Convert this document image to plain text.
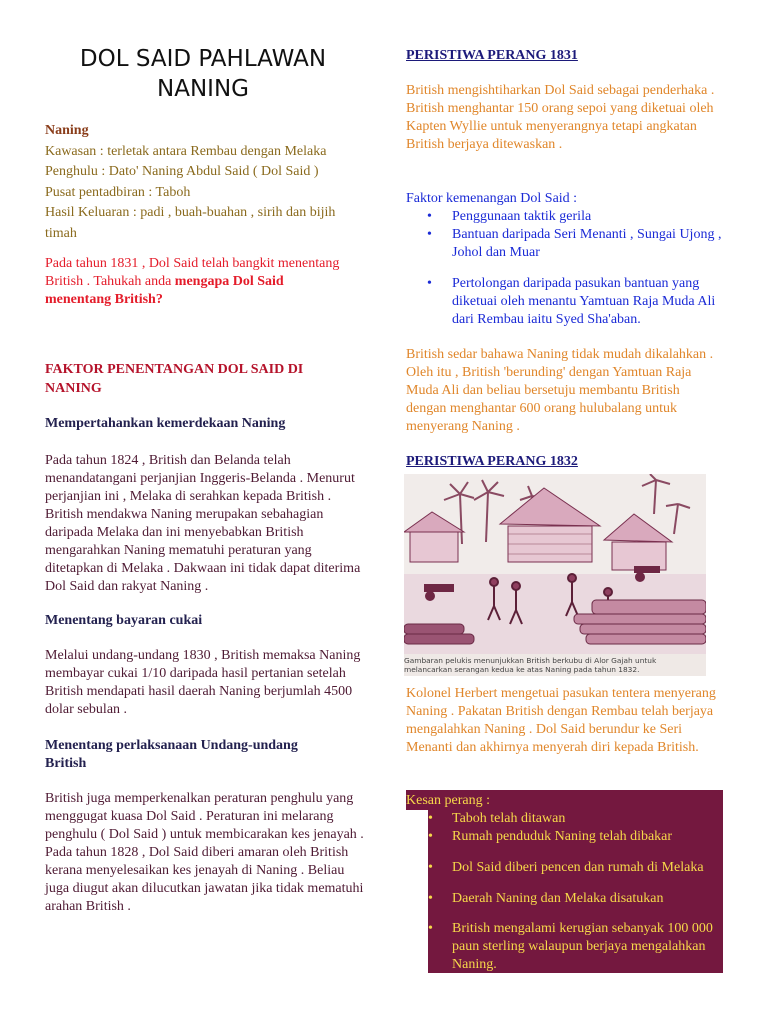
DOL SAID PAHLAWAN NANING
Naning
Kawasan : terletak antara Rembau dengan Melaka
Penghulu : Dato' Naning Abdul Said ( Dol Said )
Pusat pentadbiran : Taboh
Hasil Keluaran : padi , buah-buahan , sirih dan bijih timah
Pada tahun 1831 , Dol Said telah bangkit menentang British . Tahukah anda mengapa Dol Said menentang British?
FAKTOR PENENTANGAN DOL SAID DI NANING
Mempertahankan kemerdekaan Naning
Pada tahun 1824 , British dan Belanda telah menandatangani perjanjian Inggeris-Belanda . Menurut perjanjian ini , Melaka di serahkan kepada British . British mendakwa Naning merupakan sebahagian daripada Melaka dan ini menyebabkan British mengarahkan Naning mematuhi peraturan yang ditetapkan di Melaka . Dakwaan ini tidak dapat diterima Dol Said dan rakyat Naning .
Menentang bayaran cukai
Melalui undang-undang 1830 , British memaksa Naning membayar cukai 1/10 daripada hasil pertanian setelah British mendapati hasil daerah Naning berjumlah 4500 dolar sebulan .
Menentang perlaksanaan Undang-undang British
British juga memperkenalkan peraturan penghulu yang menggugat kuasa Dol Said . Peraturan ini melarang penghulu ( Dol Said ) untuk membicarakan kes jenayah . Pada tahun 1828 , Dol Said diberi amaran oleh British kerana menyelesaikan kes jenayah di Naning . Beliau juga diugut akan dilucutkan jawatan jika tidak mematuhi arahan British .
PERISTIWA PERANG 1831
British mengishtiharkan Dol Said sebagai penderhaka . British menghantar 150 orang sepoi yang diketuai oleh Kapten Wyllie untuk menyerangnya tetapi angkatan British berjaya ditewaskan .
Faktor kemenangan Dol Said :
• Penggunaan taktik gerila
• Bantuan daripada Seri Menanti , Sungai Ujong , Johol dan Muar
• Pertolongan daripada pasukan bantuan yang diketuai oleh menantu Yamtuan Raja Muda Ali dari Rembau iaitu Syed Sha'aban.
British sedar bahawa Naning tidak mudah dikalahkan . Oleh itu , British 'berunding' dengan Yamtuan Raja Muda Ali dan beliau bersetuju membantu British dengan menghantar 600 orang hulubalang untuk menyerang Naning .
PERISTIWA PERANG 1832
Gambaran pelukis menunjukkan British berkubu di Alor Gajah untuk melancarkan serangan kedua ke atas Naning pada tahun 1832.
Kolonel Herbert mengetuai pasukan tentera menyerang Naning . Pakatan British dengan Rembau telah berjaya mengalahkan Naning . Dol Said berundur ke Seri Menanti dan akhirnya menyerah diri kepada British.
Kesan perang :
• Taboh telah ditawan
• Rumah penduduk Naning telah dibakar
• Dol Said diberi pencen dan rumah di Melaka
• Daerah Naning dan Melaka disatukan
• British mengalami kerugian sebanyak 100 000 paun sterling walaupun berjaya mengalahkan Naning.
